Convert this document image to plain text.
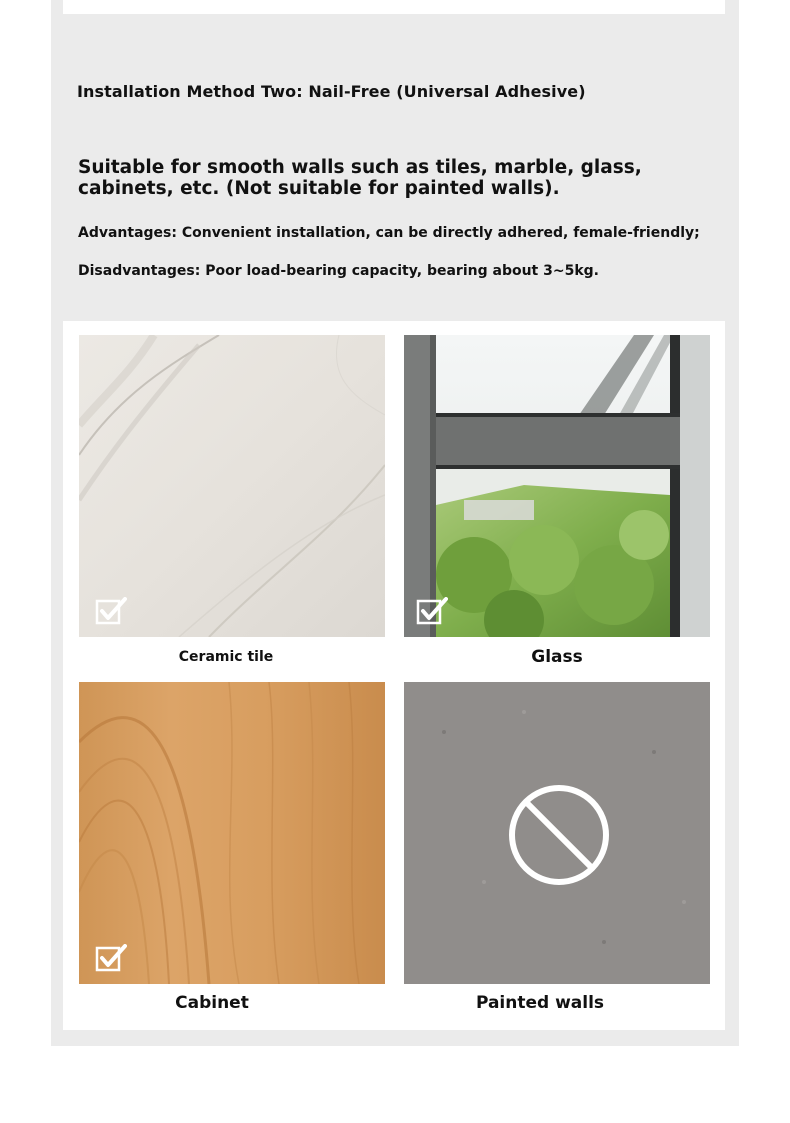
Installation Method Two: Nail-Free (Universal Adhesive)
Suitable for smooth walls such as tiles, marble, glass, cabinets, etc. (Not suitable for painted walls).
Advantages: Convenient installation, can be directly adhered, female-friendly;
Disadvantages: Poor load-bearing capacity, bearing about 3~5kg.
Ceramic tile	Glass
Cabinet	Painted walls
